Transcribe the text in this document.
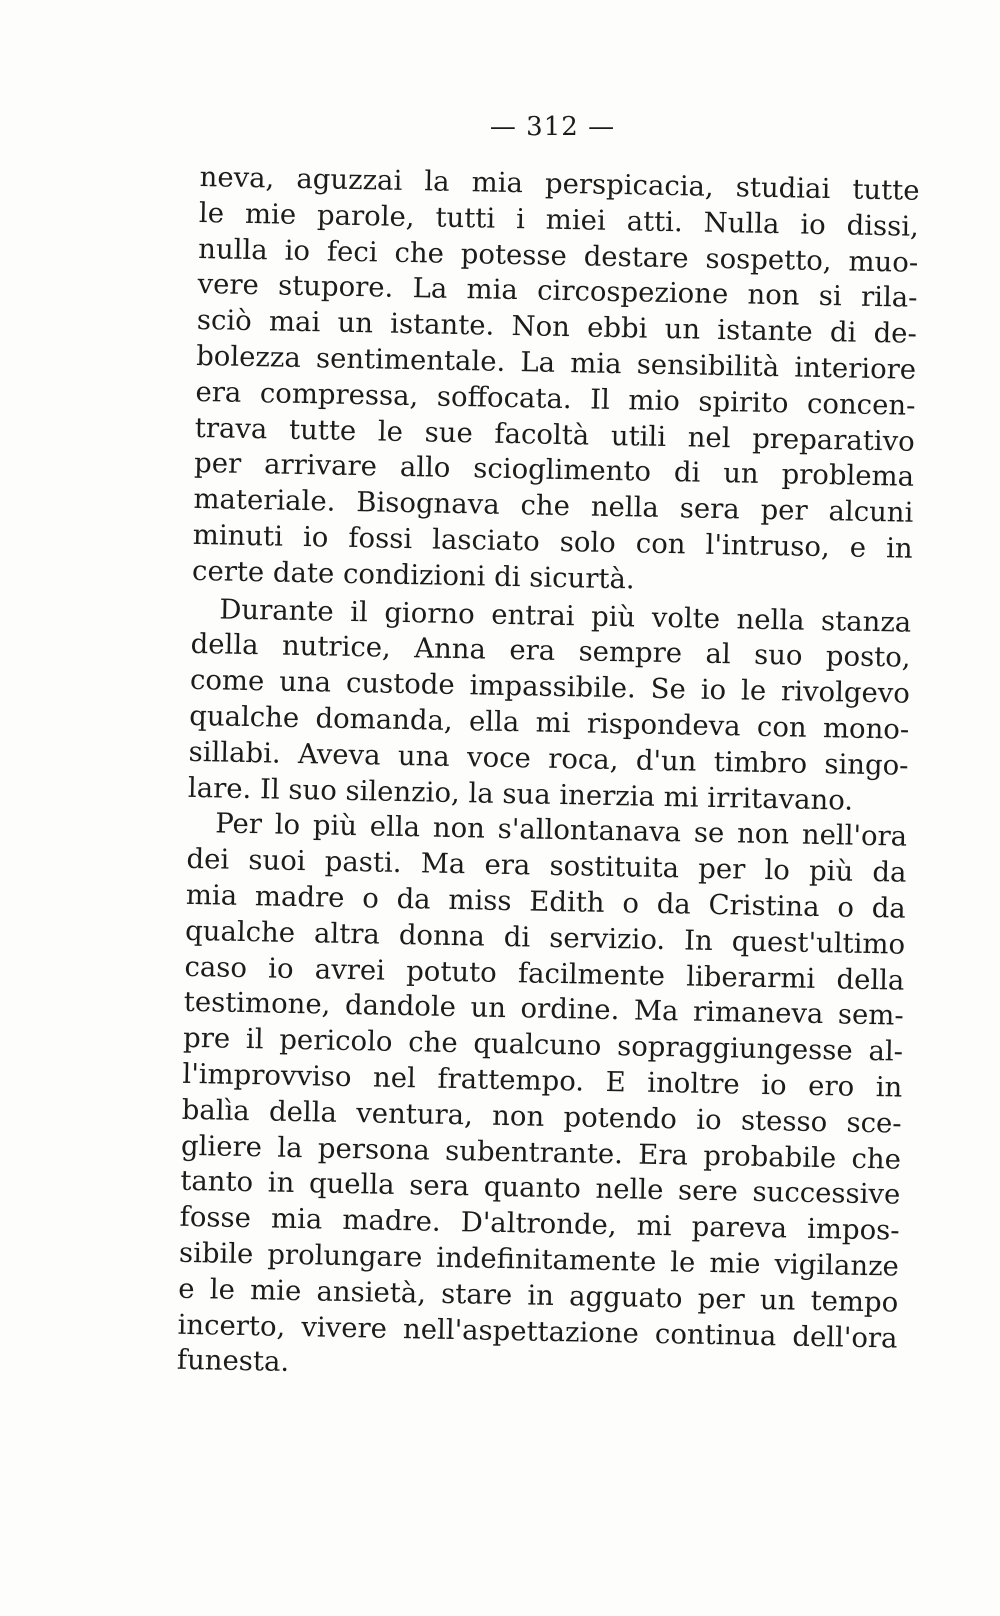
— 312 —
neva, aguzzai la mia perspicacia, studiai tutte
le mie parole, tutti i miei atti. Nulla io dissi,
nulla io feci che potesse destare sospetto, muo-
vere stupore. La mia circospezione non si rila-
sciò mai un istante. Non ebbi un istante di de-
bolezza sentimentale. La mia sensibilità interiore
era compressa, soffocata. Il mio spirito concen-
trava tutte le sue facoltà utili nel preparativo
per arrivare allo scioglimento di un problema
materiale. Bisognava che nella sera per alcuni
minuti io fossi lasciato solo con l'intruso, e in
certe date condizioni di sicurtà.
Durante il giorno entrai più volte nella stanza
della nutrice, Anna era sempre al suo posto,
come una custode impassibile. Se io le rivolgevo
qualche domanda, ella mi rispondeva con mono-
sillabi. Aveva una voce roca, d'un timbro singo-
lare. Il suo silenzio, la sua inerzia mi irritavano.
Per lo più ella non s'allontanava se non nell'ora
dei suoi pasti. Ma era sostituita per lo più da
mia madre o da miss Edith o da Cristina o da
qualche altra donna di servizio. In quest'ultimo
caso io avrei potuto facilmente liberarmi della
testimone, dandole un ordine. Ma rimaneva sem-
pre il pericolo che qualcuno sopraggiungesse al-
l'improvviso nel frattempo. E inoltre io ero in
balìa della ventura, non potendo io stesso sce-
gliere la persona subentrante. Era probabile che
tanto in quella sera quanto nelle sere successive
fosse mia madre. D'altronde, mi pareva impos-
sibile prolungare indefinitamente le mie vigilanze
e le mie ansietà, stare in agguato per un tempo
incerto, vivere nell'aspettazione continua dell'ora
funesta.
